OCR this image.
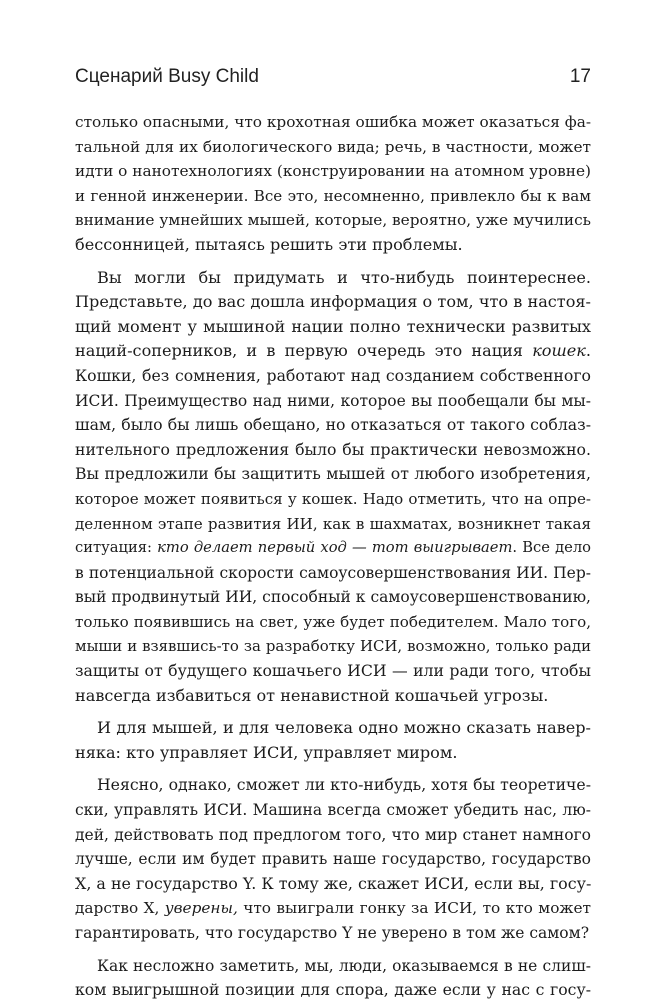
Сценарий Busy Child	17
столько опасными, что крохотная ошибка может оказаться фа-
тальной для их биологического вида; речь, в частности, может
идти о нанотехнологиях (конструировании на атомном уровне)
и генной инженерии. Все это, несомненно, привлекло бы к вам
внимание умнейших мышей, которые, вероятно, уже мучились
бессонницей, пытаясь решить эти проблемы.
Вы могли бы придумать и что-нибудь поинтереснее.
Представьте, до вас дошла информация о том, что в настоя-
щий момент у мышиной нации полно технически развитых
наций-соперников, и в первую очередь это нация кошек.
Кошки, без сомнения, работают над созданием собственного
ИСИ. Преимущество над ними, которое вы пообещали бы мы-
шам, было бы лишь обещано, но отказаться от такого соблаз-
нительного предложения было бы практически невозможно.
Вы предложили бы защитить мышей от любого изобретения,
которое может появиться у кошек. Надо отметить, что на опре-
деленном этапе развития ИИ, как в шахматах, возникнет такая
ситуация: кто делает первый ход — тот выигрывает. Все дело
в потенциальной скорости самоусовершенствования ИИ. Пер-
вый продвинутый ИИ, способный к самоусовершенствованию,
только появившись на свет, уже будет победителем. Мало того,
мыши и взявшись-то за разработку ИСИ, возможно, только ради
защиты от будущего кошачьего ИСИ — или ради того, чтобы
навсегда избавиться от ненавистной кошачьей угрозы.
И для мышей, и для человека одно можно сказать навер-
няка: кто управляет ИСИ, управляет миром.
Неясно, однако, сможет ли кто-нибудь, хотя бы теоретиче-
ски, управлять ИСИ. Машина всегда сможет убедить нас, лю-
дей, действовать под предлогом того, что мир станет намного
лучше, если им будет править наше государство, государство
X, а не государство Y. К тому же, скажет ИСИ, если вы, госу-
дарство X, уверены, что выиграли гонку за ИСИ, то кто может
гарантировать, что государство Y не уверено в том же самом?
Как несложно заметить, мы, люди, оказываемся в не слиш-
ком выигрышной позиции для спора, даже если у нас с госу-
